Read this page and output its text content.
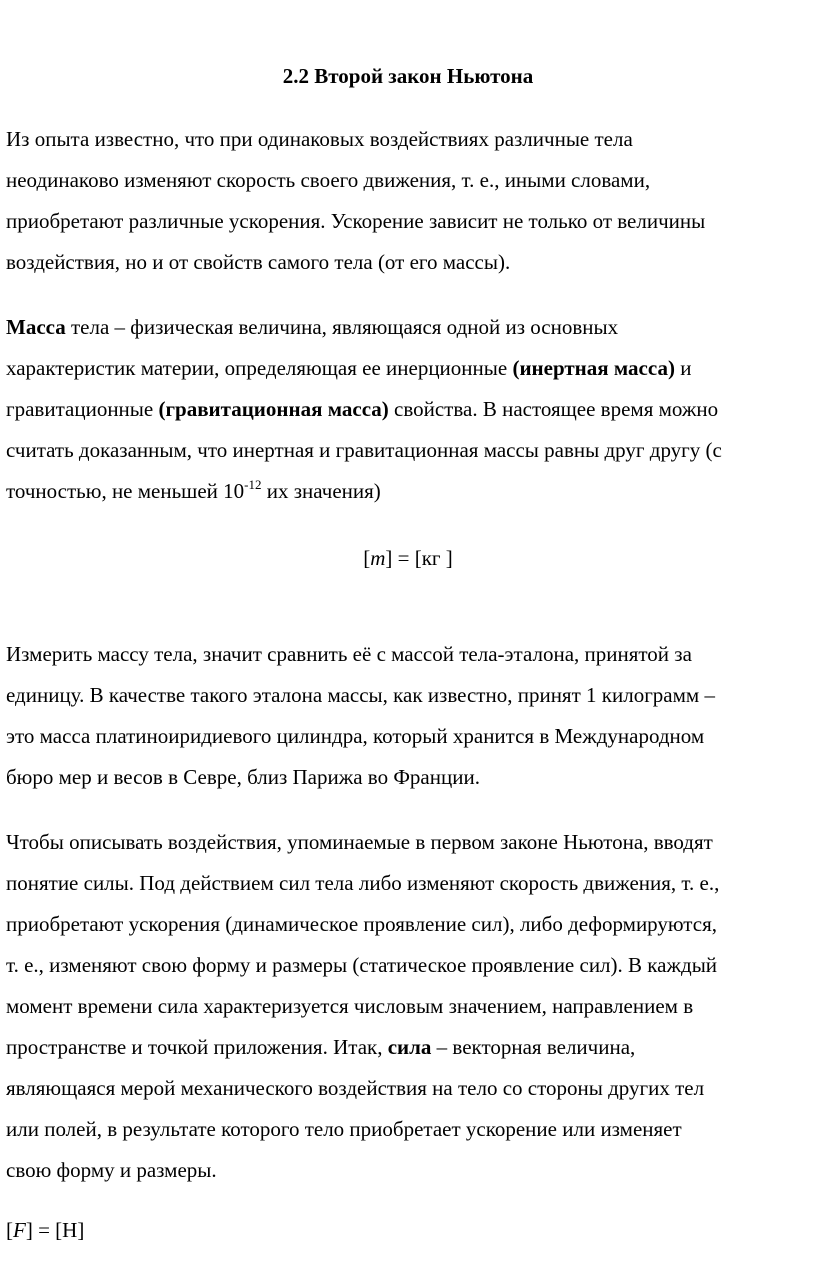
2.2 Второй закон Ньютона

Из опыта известно, что при одинаковых воздействиях различные тела
неодинаково изменяют скорость своего движения, т. е., иными словами,
приобретают различные ускорения. Ускорение зависит не только от величины
воздействия, но и от свойств самого тела (от его массы).

Масса тела – физическая величина, являющаяся одной из основных
характеристик материи, определяющая ее инерционные (инертная масса) и
гравитационные (гравитационная масса) свойства. В настоящее время можно
считать доказанным, что инертная и гравитационная массы равны друг другу (с
точностью, не меньшей $10^{-12}$ их значения)

[m] = [кг ]

Измерить массу тела, значит сравнить её с массой тела-эталона, принятой за
единицу. В качестве такого эталона массы, как известно, принят 1 килограмм –
это масса платиноиридиевого цилиндра, который хранится в Международном
бюро мер и весов в Севре, близ Парижа во Франции.

Чтобы описывать воздействия, упоминаемые в первом законе Ньютона, вводят
понятие силы. Под действием сил тела либо изменяют скорость движения, т. е.,
приобретают ускорения (динамическое проявление сил), либо деформируются,
т. е., изменяют свою форму и размеры (статическое проявление сил). В каждый
момент времени сила характеризуется числовым значением, направлением в
пространстве и точкой приложения. Итак, сила – векторная величина,
являющаяся мерой механического воздействия на тело со стороны других тел
или полей, в результате которого тело приобретает ускорение или изменяет
свою форму и размеры.

[F] = [Н]
